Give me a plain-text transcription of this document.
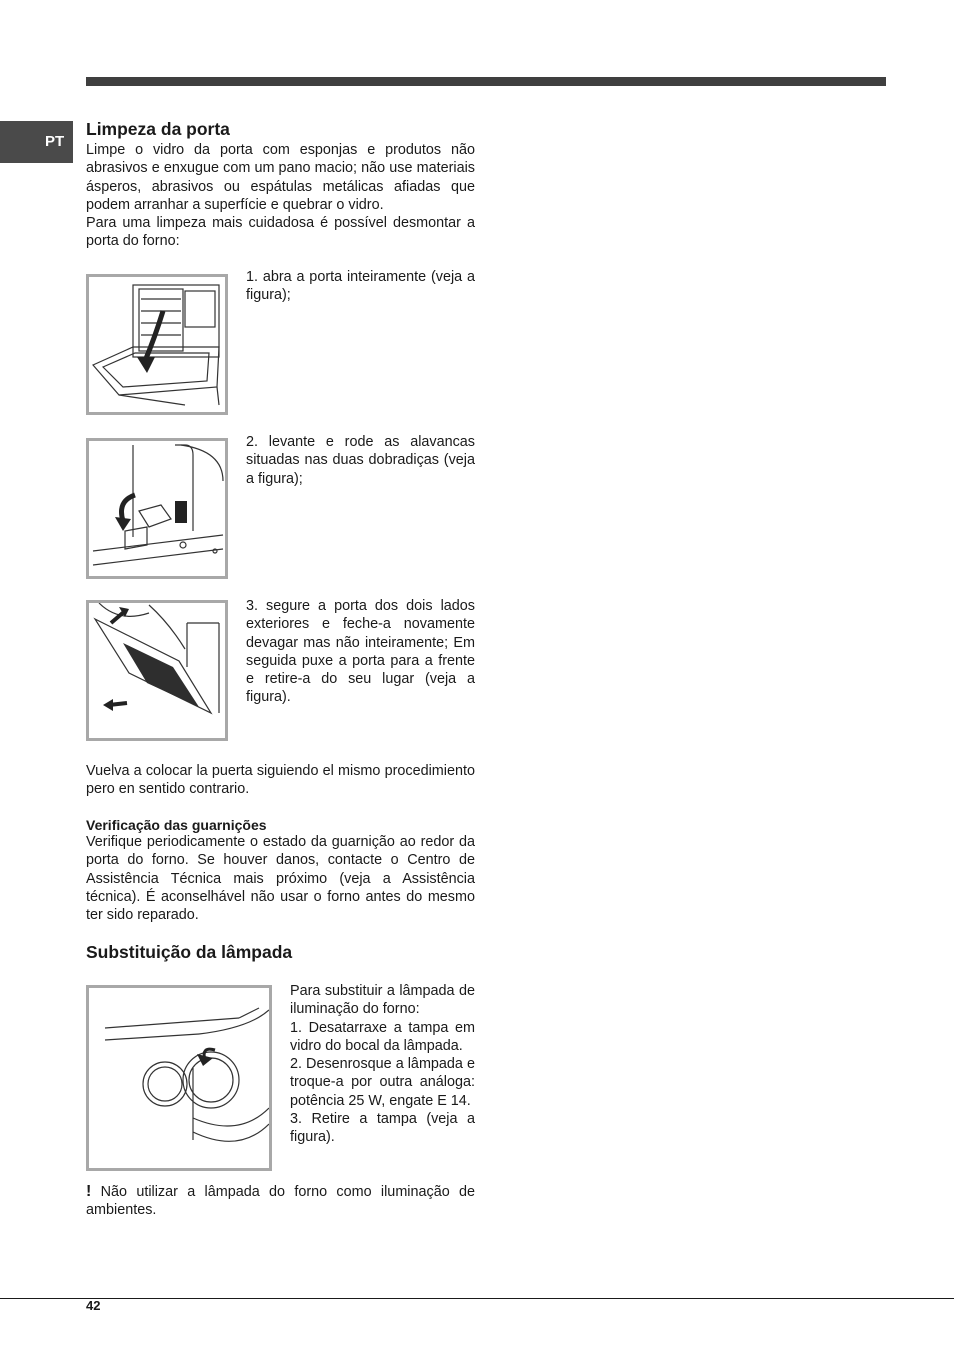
PT
Limpeza da porta

Limpe o vidro da porta com esponjas e produtos não abrasivos e enxugue com um pano macio; não use materiais ásperos, abrasivos ou espátulas metálicas afiadas que podem arranhar a superfície e quebrar o vidro.

Para uma limpeza mais cuidadosa é possível desmontar a porta do forno:

1. abra a porta inteiramente (veja a figura);
2. levante e rode as alavancas situadas nas duas dobradiças (veja a figura);
3. segure a porta dos dois lados exteriores e feche-a novamente devagar mas não inteiramente; Em seguida puxe a porta para a frente e retire-a do seu lugar (veja a figura).

Vuelva a colocar la puerta siguiendo el mismo procedimiento pero en sentido contrario.

Verificação das guarnições

Verifique periodicamente o estado da guarnição ao redor da porta do forno. Se houver danos, contacte o Centro de Assistência Técnica mais próximo (veja a Assistência técnica). É aconselhável não usar o forno antes do mesmo ter sido reparado.

Substituição da lâmpada
Para substituir a lâmpada de iluminação do forno:
1. Desatarraxe a tampa em vidro do bocal da lâmpada.
2. Desenrosque a lâmpada e troque-a por outra análoga: potência 25 W, engate E 14.
3. Retire a tampa (veja a figura).

! Não utilizar a lâmpada do forno como iluminação de ambientes.

42
